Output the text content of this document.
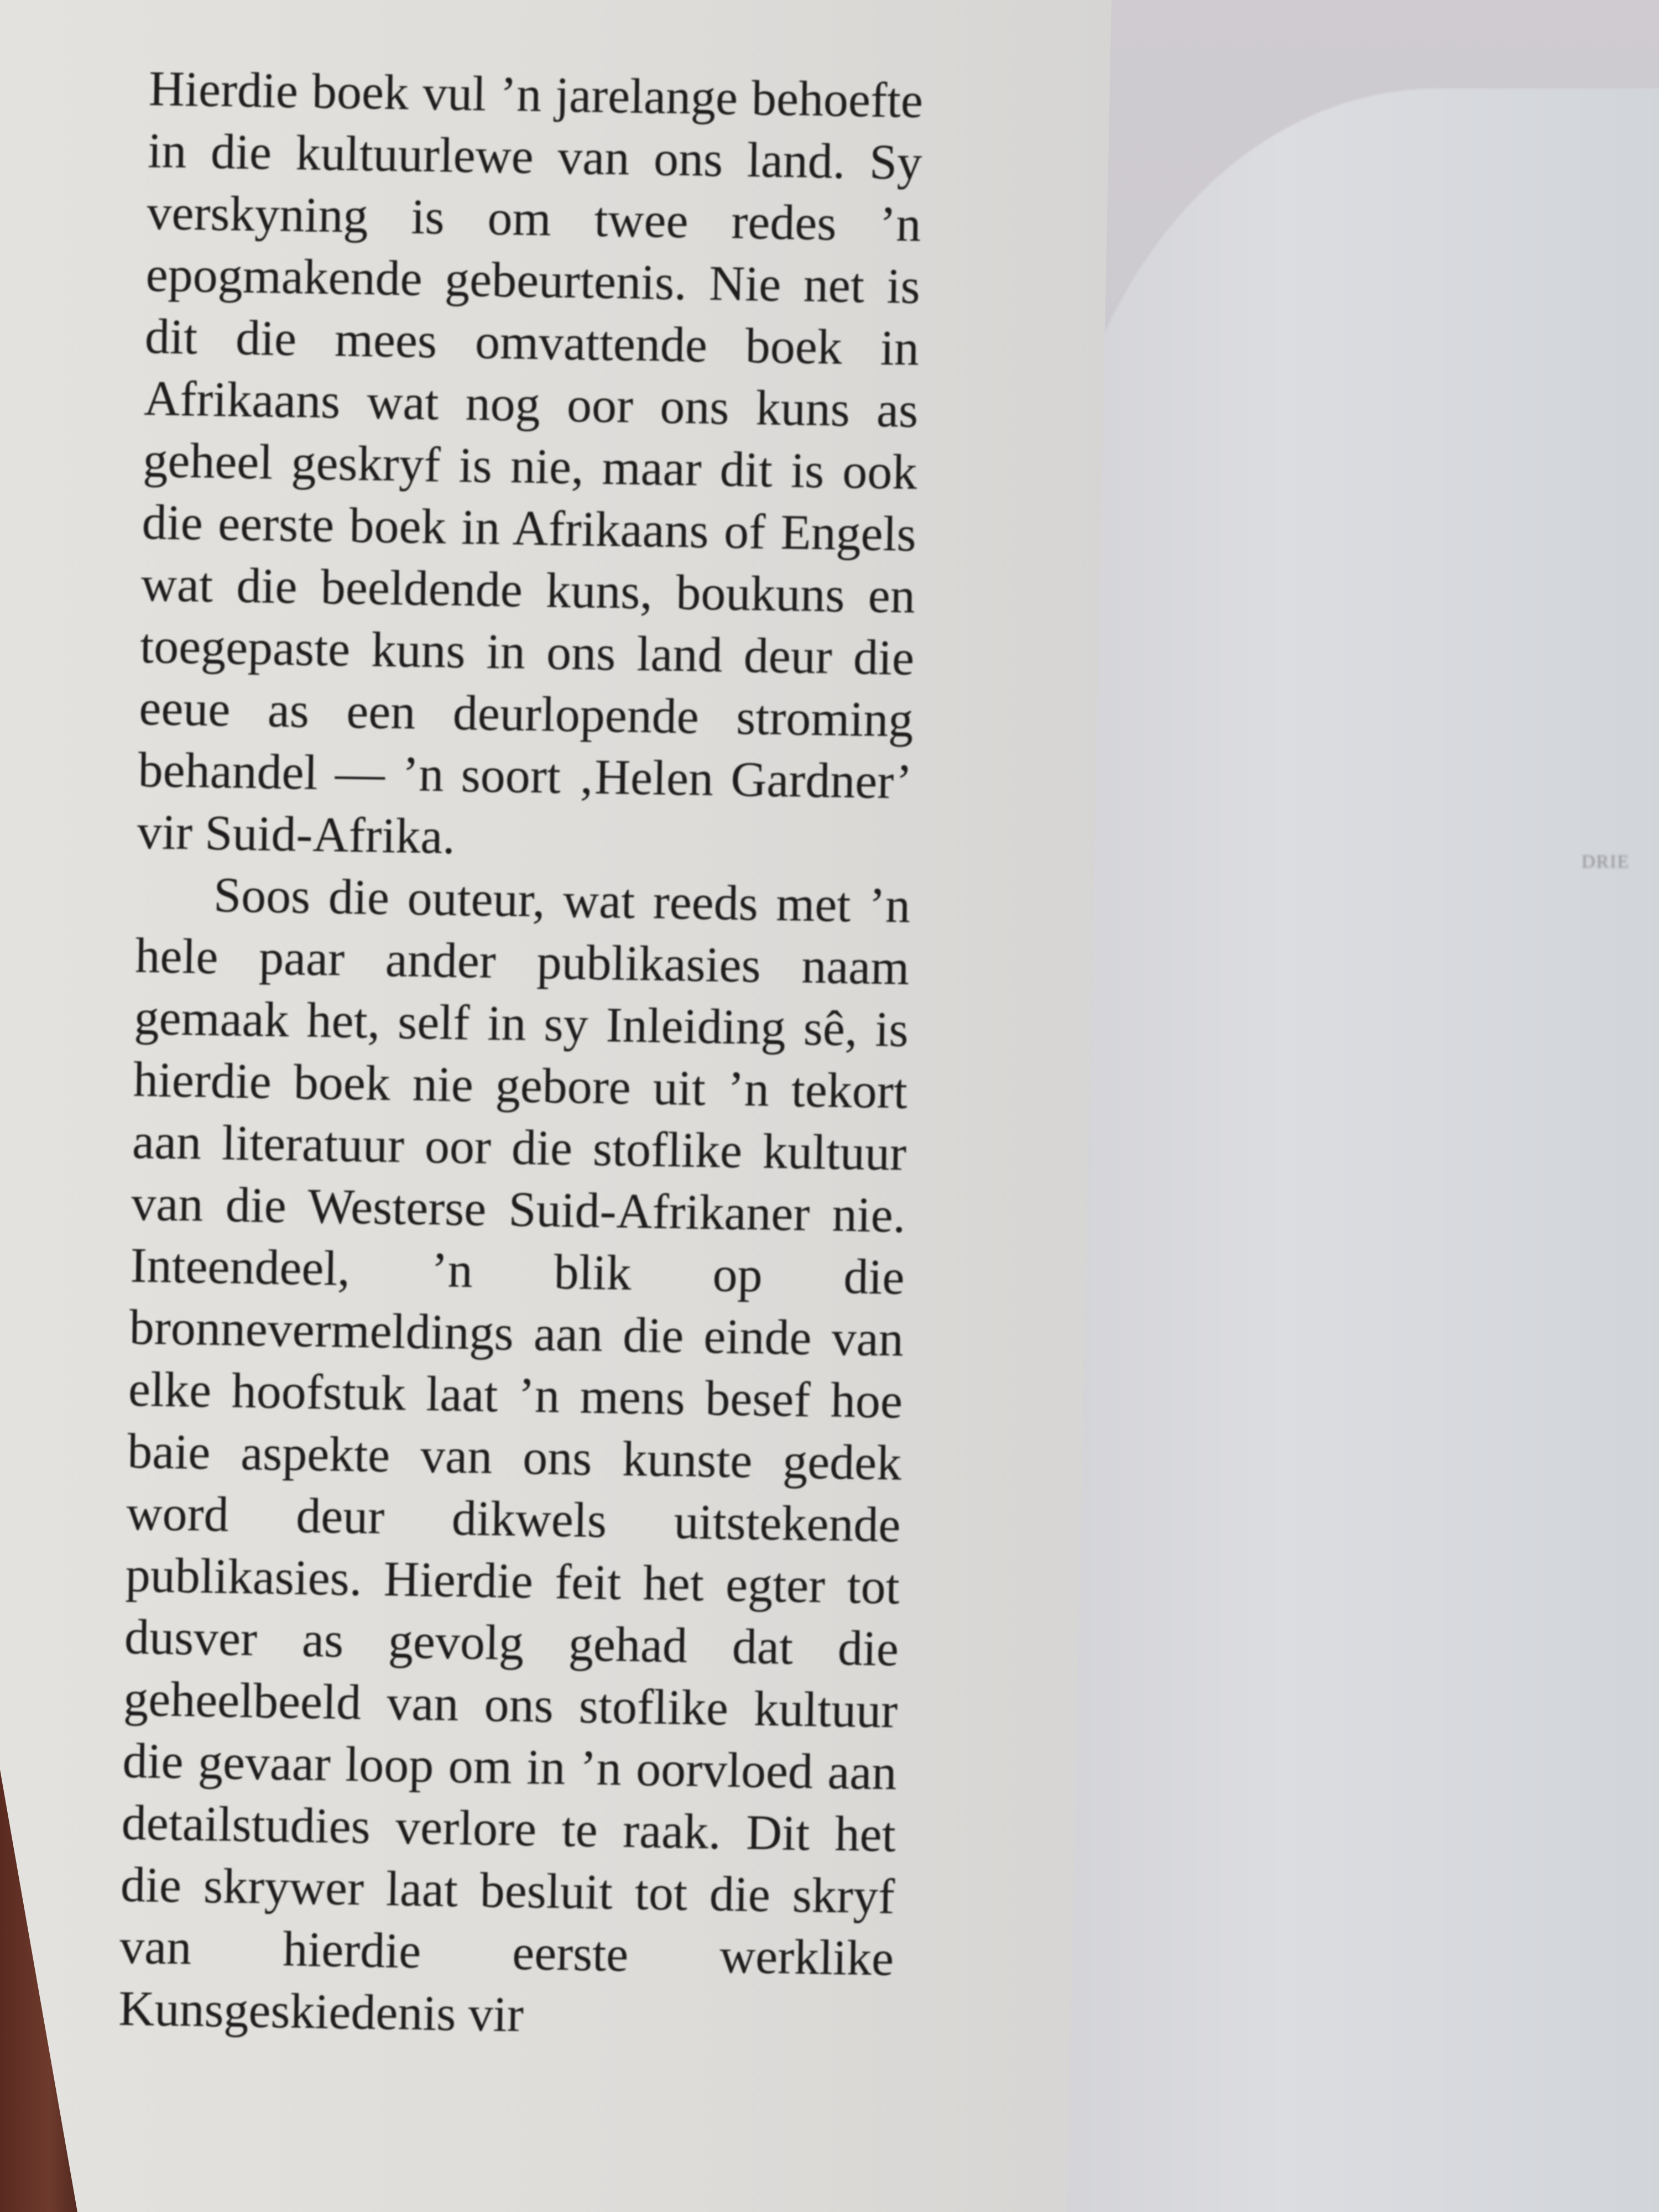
DRIE

Hierdie boek vul ’n jarelange behoefte in die kultuurlewe van ons land. Sy verskyning is om twee redes ’n epogmakende gebeurtenis. Nie net is dit die mees omvattende boek in Afrikaans wat nog oor ons kuns as geheel geskryf is nie, maar dit is ook die eerste boek in Afrikaans of Engels wat die beeldende kuns, boukuns en toegepaste kuns in ons land deur die eeue as een deurlopende stroming behandel — ’n soort ‚Helen Gardner’ vir Suid-Afrika.

Soos die outeur, wat reeds met ’n hele paar ander publikasies naam gemaak het, self in sy Inleiding sê, is hierdie boek nie gebore uit ’n tekort aan literatuur oor die stoflike kultuur van die Westerse Suid-Afrikaner nie. Inteendeel, ’n blik op die bronnevermeldings aan die einde van elke hoofstuk laat ’n mens besef hoe baie aspekte van ons kunste gedek word deur dikwels uitstekende publikasies. Hierdie feit het egter tot dusver as gevolg gehad dat die geheelbeeld van ons stoflike kultuur die gevaar loop om in ’n oorvloed aan detailstudies verlore te raak. Dit het die skrywer laat besluit tot die skryf van hierdie eerste werklike Kunsgeskiedenis vir
